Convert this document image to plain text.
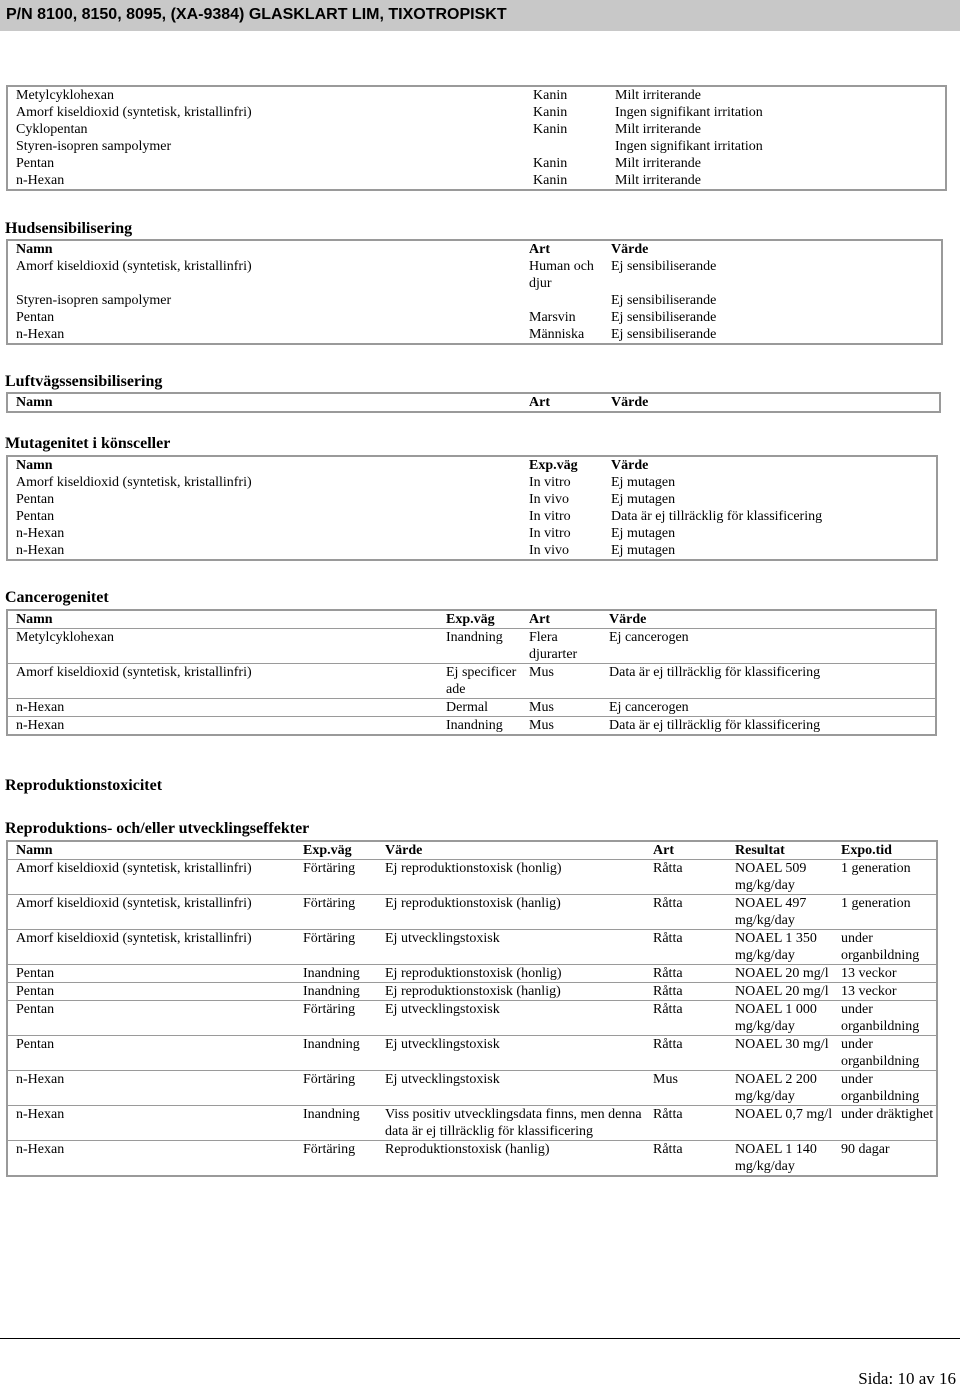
P/N 8100, 8150, 8095, (XA-9384) GLASKLART LIM, TIXOTROPISKT
Metylcyklohexan	Kanin	Milt irriterande
Amorf kiseldioxid (syntetisk, kristallinfri)	Kanin	Ingen signifikant irritation
Cyklopentan	Kanin	Milt irriterande
Styren-isopren sampolymer		Ingen signifikant irritation
Pentan	Kanin	Milt irriterande
n-Hexan	Kanin	Milt irriterande
Hudsensibilisering
Namn	Art	Värde
Amorf kiseldioxid (syntetisk, kristallinfri)	Human och djur	Ej sensibiliserande
Styren-isopren sampolymer		Ej sensibiliserande
Pentan	Marsvin	Ej sensibiliserande
n-Hexan	Människa	Ej sensibiliserande
Luftvägssensibilisering
Namn	Art	Värde
Mutagenitet i könsceller
Namn	Exp.väg	Värde
Amorf kiseldioxid (syntetisk, kristallinfri)	In vitro	Ej mutagen
Pentan	In vivo	Ej mutagen
Pentan	In vitro	Data är ej tillräcklig för klassificering
n-Hexan	In vitro	Ej mutagen
n-Hexan	In vivo	Ej mutagen
Cancerogenitet
Namn	Exp.väg	Art	Värde
Metylcyklohexan	Inandning	Flera djurarter	Ej cancerogen
Amorf kiseldioxid (syntetisk, kristallinfri)	Ej specificer ade	Mus	Data är ej tillräcklig för klassificering
n-Hexan	Dermal	Mus	Ej cancerogen
n-Hexan	Inandning	Mus	Data är ej tillräcklig för klassificering
Reproduktionstoxicitet
Reproduktions- och/eller utvecklingseffekter
Namn	Exp.väg	Värde	Art	Resultat	Expo.tid
Amorf kiseldioxid (syntetisk, kristallinfri)	Förtäring	Ej reproduktionstoxisk (honlig)	Råtta	NOAEL 509 mg/kg/day	1 generation
Amorf kiseldioxid (syntetisk, kristallinfri)	Förtäring	Ej reproduktionstoxisk (hanlig)	Råtta	NOAEL 497 mg/kg/day	1 generation
Amorf kiseldioxid (syntetisk, kristallinfri)	Förtäring	Ej utvecklingstoxisk	Råtta	NOAEL 1 350 mg/kg/day	under organbildning
Pentan	Inandning	Ej reproduktionstoxisk (honlig)	Råtta	NOAEL 20 mg/l	13 veckor
Pentan	Inandning	Ej reproduktionstoxisk (hanlig)	Råtta	NOAEL 20 mg/l	13 veckor
Pentan	Förtäring	Ej utvecklingstoxisk	Råtta	NOAEL 1 000 mg/kg/day	under organbildning
Pentan	Inandning	Ej utvecklingstoxisk	Råtta	NOAEL 30 mg/l	under organbildning
n-Hexan	Förtäring	Ej utvecklingstoxisk	Mus	NOAEL 2 200 mg/kg/day	under organbildning
n-Hexan	Inandning	Viss positiv utvecklingsdata finns, men denna data är ej tillräcklig för klassificering	Råtta	NOAEL 0,7 mg/l	under dräktighet
n-Hexan	Förtäring	Reproduktionstoxisk (hanlig)	Råtta	NOAEL 1 140 mg/kg/day	90 dagar
Sida: 10 av 16
